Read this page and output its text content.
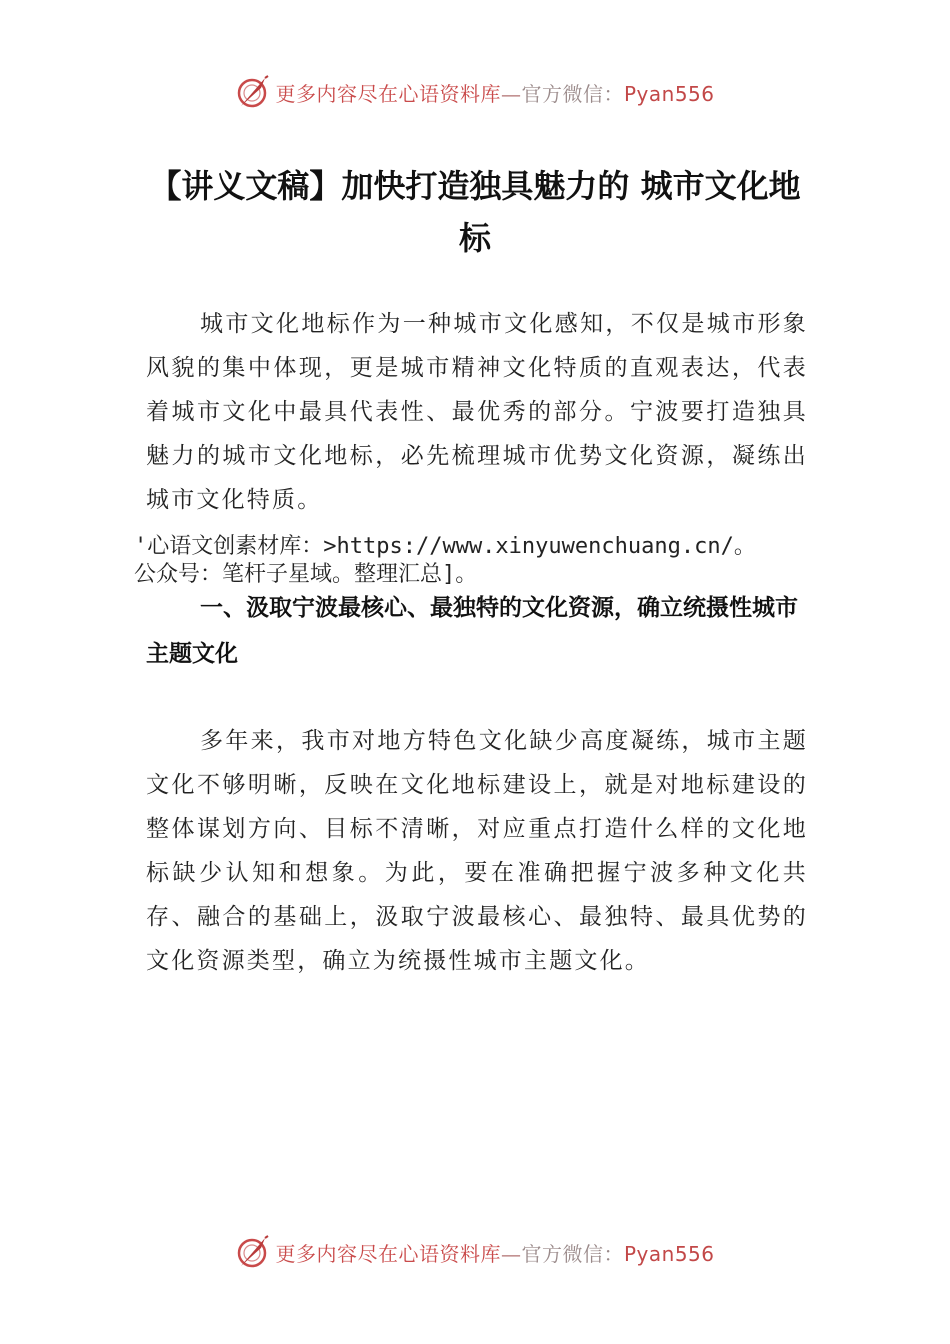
更多内容尽在心语资料库—官方微信：Pyan556
【讲义文稿】加快打造独具魅力的 城市文化地标
城市文化地标作为一种城市文化感知，不仅是城市形象风貌的集中体现，更是城市精神文化特质的直观表达，代表着城市文化中最具代表性、最优秀的部分。宁波要打造独具魅力的城市文化地标，必先梳理城市优势文化资源，凝练出城市文化特质。
'心语文创素材库：>https://www.xinyuwenchuang.cn/。
公众号：笔杆子星域。整理汇总]。
一、汲取宁波最核心、最独特的文化资源，确立统摄性城市主题文化
多年来，我市对地方特色文化缺少高度凝练，城市主题文化不够明晰，反映在文化地标建设上，就是对地标建设的整体谋划方向、目标不清晰，对应重点打造什么样的文化地标缺少认知和想象。为此，要在准确把握宁波多种文化共存、融合的基础上，汲取宁波最核心、最独特、最具优势的文化资源类型，确立为统摄性城市主题文化。
更多内容尽在心语资料库—官方微信：Pyan556
